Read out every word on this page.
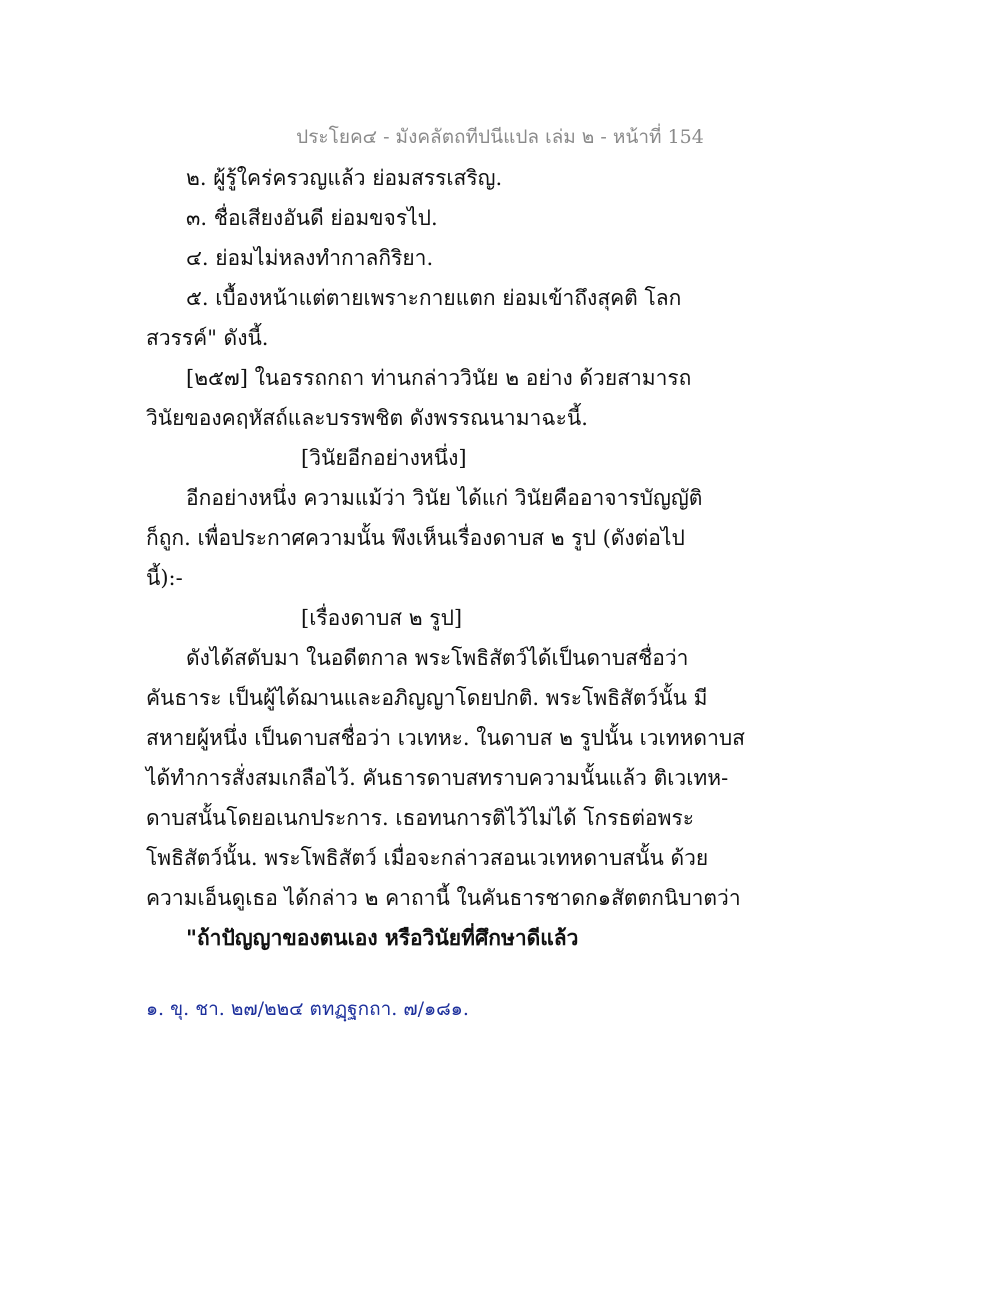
ประโยค๔ - มังคลัตถทีปนีแปล เล่ม ๒ - หน้าที่ 154
๒. ผู้รู้ใคร่ครวญแล้ว ย่อมสรรเสริญ.
๓. ชื่อเสียงอันดี ย่อมขจรไป.
๔. ย่อมไม่หลงทำกาลกิริยา.
๕. เบื้องหน้าแต่ตายเพราะกายแตก ย่อมเข้าถึงสุคติ โลก
สวรรค์" ดังนี้.
[๒๕๗] ในอรรถกถา ท่านกล่าววินัย ๒ อย่าง ด้วยสามารถ
วินัยของคฤหัสถ์และบรรพชิต ดังพรรณนามาฉะนี้.
[วินัยอีกอย่างหนึ่ง]
อีกอย่างหนึ่ง ความแม้ว่า วินัย ได้แก่ วินัยคืออาจารบัญญัติ
ก็ถูก. เพื่อประกาศความนั้น พึงเห็นเรื่องดาบส ๒ รูป (ดังต่อไป
นี้):-
[เรื่องดาบส ๒ รูป]
ดังได้สดับมา ในอดีตกาล พระโพธิสัตว์ได้เป็นดาบสชื่อว่า
คันธาระ เป็นผู้ได้ฌานและอภิญญาโดยปกติ. พระโพธิสัตว์นั้น มี
สหายผู้หนึ่ง เป็นดาบสชื่อว่า เวเทหะ. ในดาบส ๒ รูปนั้น เวเทหดาบส
ได้ทำการสั่งสมเกลือไว้. คันธารดาบสทราบความนั้นแล้ว ติเวเทห-
ดาบสนั้นโดยอเนกประการ. เธอทนการติไว้ไม่ได้ โกรธต่อพระ
โพธิสัตว์นั้น. พระโพธิสัตว์ เมื่อจะกล่าวสอนเวเทหดาบสนั้น ด้วย
ความเอ็นดูเธอ ได้กล่าว ๒ คาถานี้ ในคันธารชาดก๑สัตตกนิบาตว่า
"ถ้าปัญญาของตนเอง หรือวินัยที่ศึกษาดีแล้ว
๑. ขุ. ชา. ๒๗/๒๒๔ ตทฏฺฐกถา. ๗/๑๘๑.
